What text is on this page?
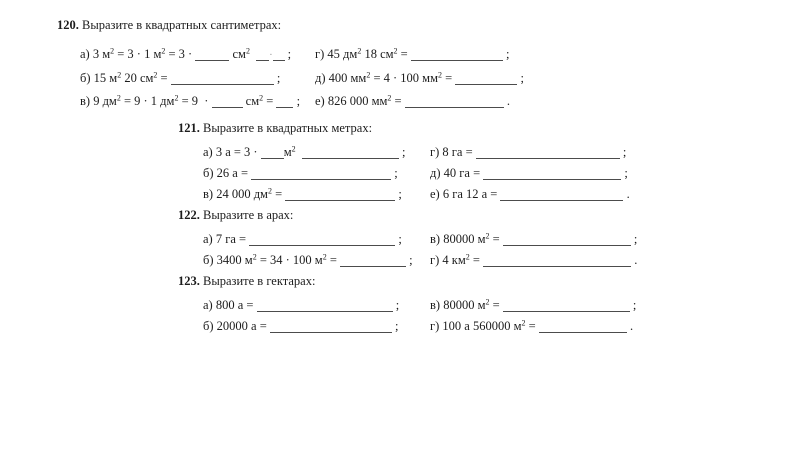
120. Выразите в квадратных сантиметрах:
а) 3 $м^2 = 3 \cdot 1$ $м^2 = 3$ ·	$см^2$ · ;	г) 45 $дм^2$ 18 $см^2$ =	;
б) 15 $м^2$ 20 $см^2$ =	;	д) 400 $мм^2 = 4 \cdot 100$ $мм^2$ =	;
в) 9 $дм^2 = 9 \cdot 1$ $дм^2 = 9 \cdot см^2$ =  ;	е) 826 000 $мм^2$ =	.
121. Выразите в квадратных метрах:
а) 3 $а = 3 \cdot м^2$	;	г) 8 га =	;
б) 26 а =	;	д) 40 га =	;
в) 24 000 $дм^2$ =	;	е) 6 га 12 а =	.
122. Выразите в арах:
а) 7 га =	;	в) 80000 $м^2$ =	;
б) 3400 $м^2 = 34 \cdot 100$ $м^2$ =	;	г) 4 $км^2$ =	.
123. Выразите в гектарах:
а) 800 а =	;	в) 80000 $м^2$ =	;
б) 20000 а =	;	г) 100 а 560000 $м^2$ =	.
